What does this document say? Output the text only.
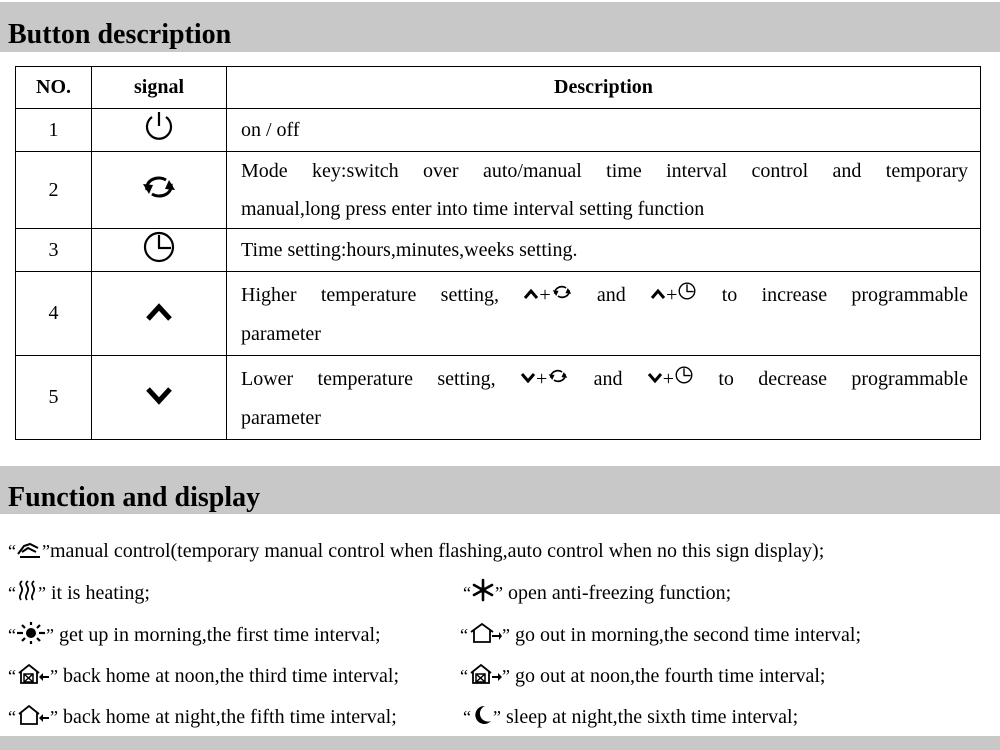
Button description
NO.	signal	Description
1		on / off

2		Mode key:switch over auto/manual time interval control and temporary
manual,long press enter into time interval setting function

3		Time setting:hours,minutes,weeks setting.

4		Higher temperature setting, + and + to increase programmable
parameter

5		Lower temperature setting, + and + to decrease programmable
parameter
Function and display
“ ”manual control(temporary manual control when flashing,auto control when no this sign display);
“ ” it is heating;	“ ” open anti-freezing function;
“ ” get up in morning,the first time interval;	“ ” go out in morning,the second time interval;
“ ” back home at noon,the third time interval;	“ ” go out at noon,the fourth time interval;
“ ” back home at night,the fifth time interval;	“ ” sleep at night,the sixth time interval;
